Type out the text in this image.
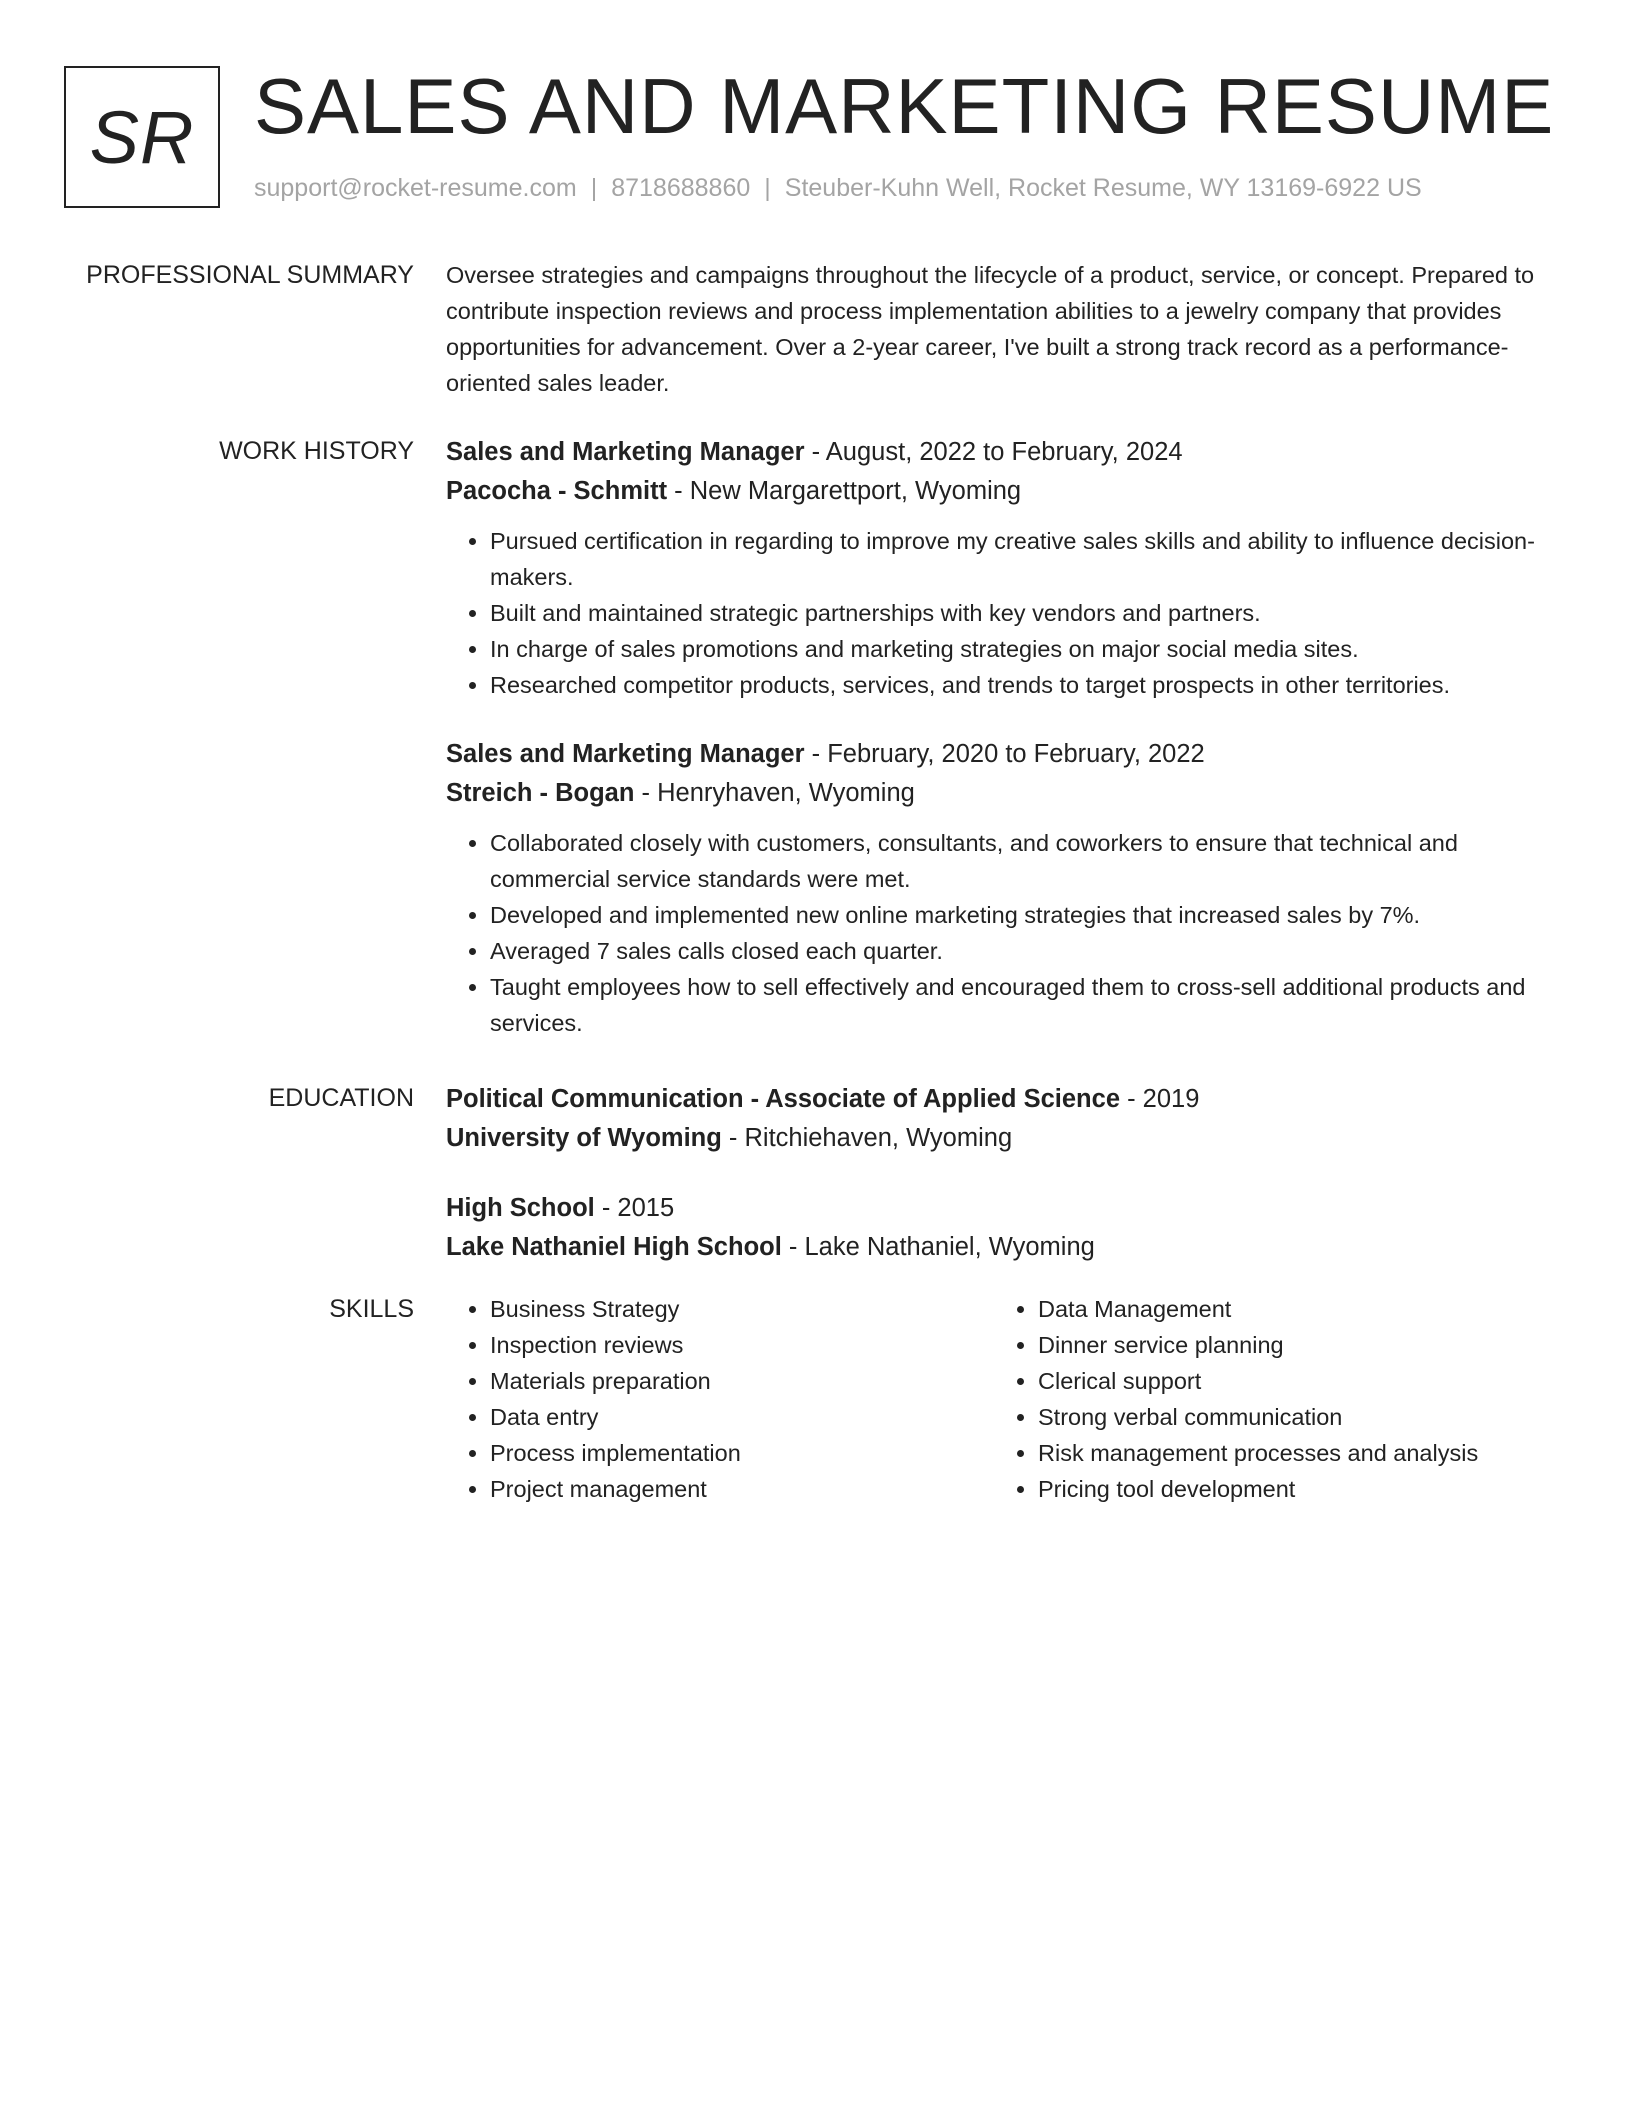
SR SALES AND MARKETING RESUME
support@rocket-resume.com | 8718688860 | Steuber-Kuhn Well, Rocket Resume, WY 13169-6922 US
PROFESSIONAL SUMMARY Oversee strategies and campaigns throughout the lifecycle of a product, service, or concept. Prepared to contribute inspection reviews and process implementation abilities to a jewelry company that provides opportunities for advancement. Over a 2-year career, I've built a strong track record as a performance-oriented sales leader.

WORK HISTORY Sales and Marketing Manager - August, 2022 to February, 2024

Pacocha - Schmitt - New Margarettport, Wyoming

• Pursued certification in regarding to improve my creative sales skills and ability to influence decision-makers.
• Built and maintained strategic partnerships with key vendors and partners.
• In charge of sales promotions and marketing strategies on major social media sites.
• Researched competitor products, services, and trends to target prospects in other territories.

Sales and Marketing Manager - February, 2020 to February, 2022

Streich - Bogan - Henryhaven, Wyoming

• Collaborated closely with customers, consultants, and coworkers to ensure that technical and commercial service standards were met.
• Developed and implemented new online marketing strategies that increased sales by 7%.
• Averaged 7 sales calls closed each quarter.
• Taught employees how to sell effectively and encouraged them to cross-sell additional products and services.
EDUCATION Political Communication - Associate of Applied Science - 2019

University of Wyoming - Ritchiehaven, Wyoming

High School - 2015

Lake Nathaniel High School - Lake Nathaniel, Wyoming

SKILLS
•	Business Strategy
• Inspection reviews
• Materials preparation
• Data entry
• Process implementation
• Project management
• Data Management
• Dinner service planning
• Clerical support
• Strong verbal communication
• Risk management processes and analysis
• Pricing tool development
